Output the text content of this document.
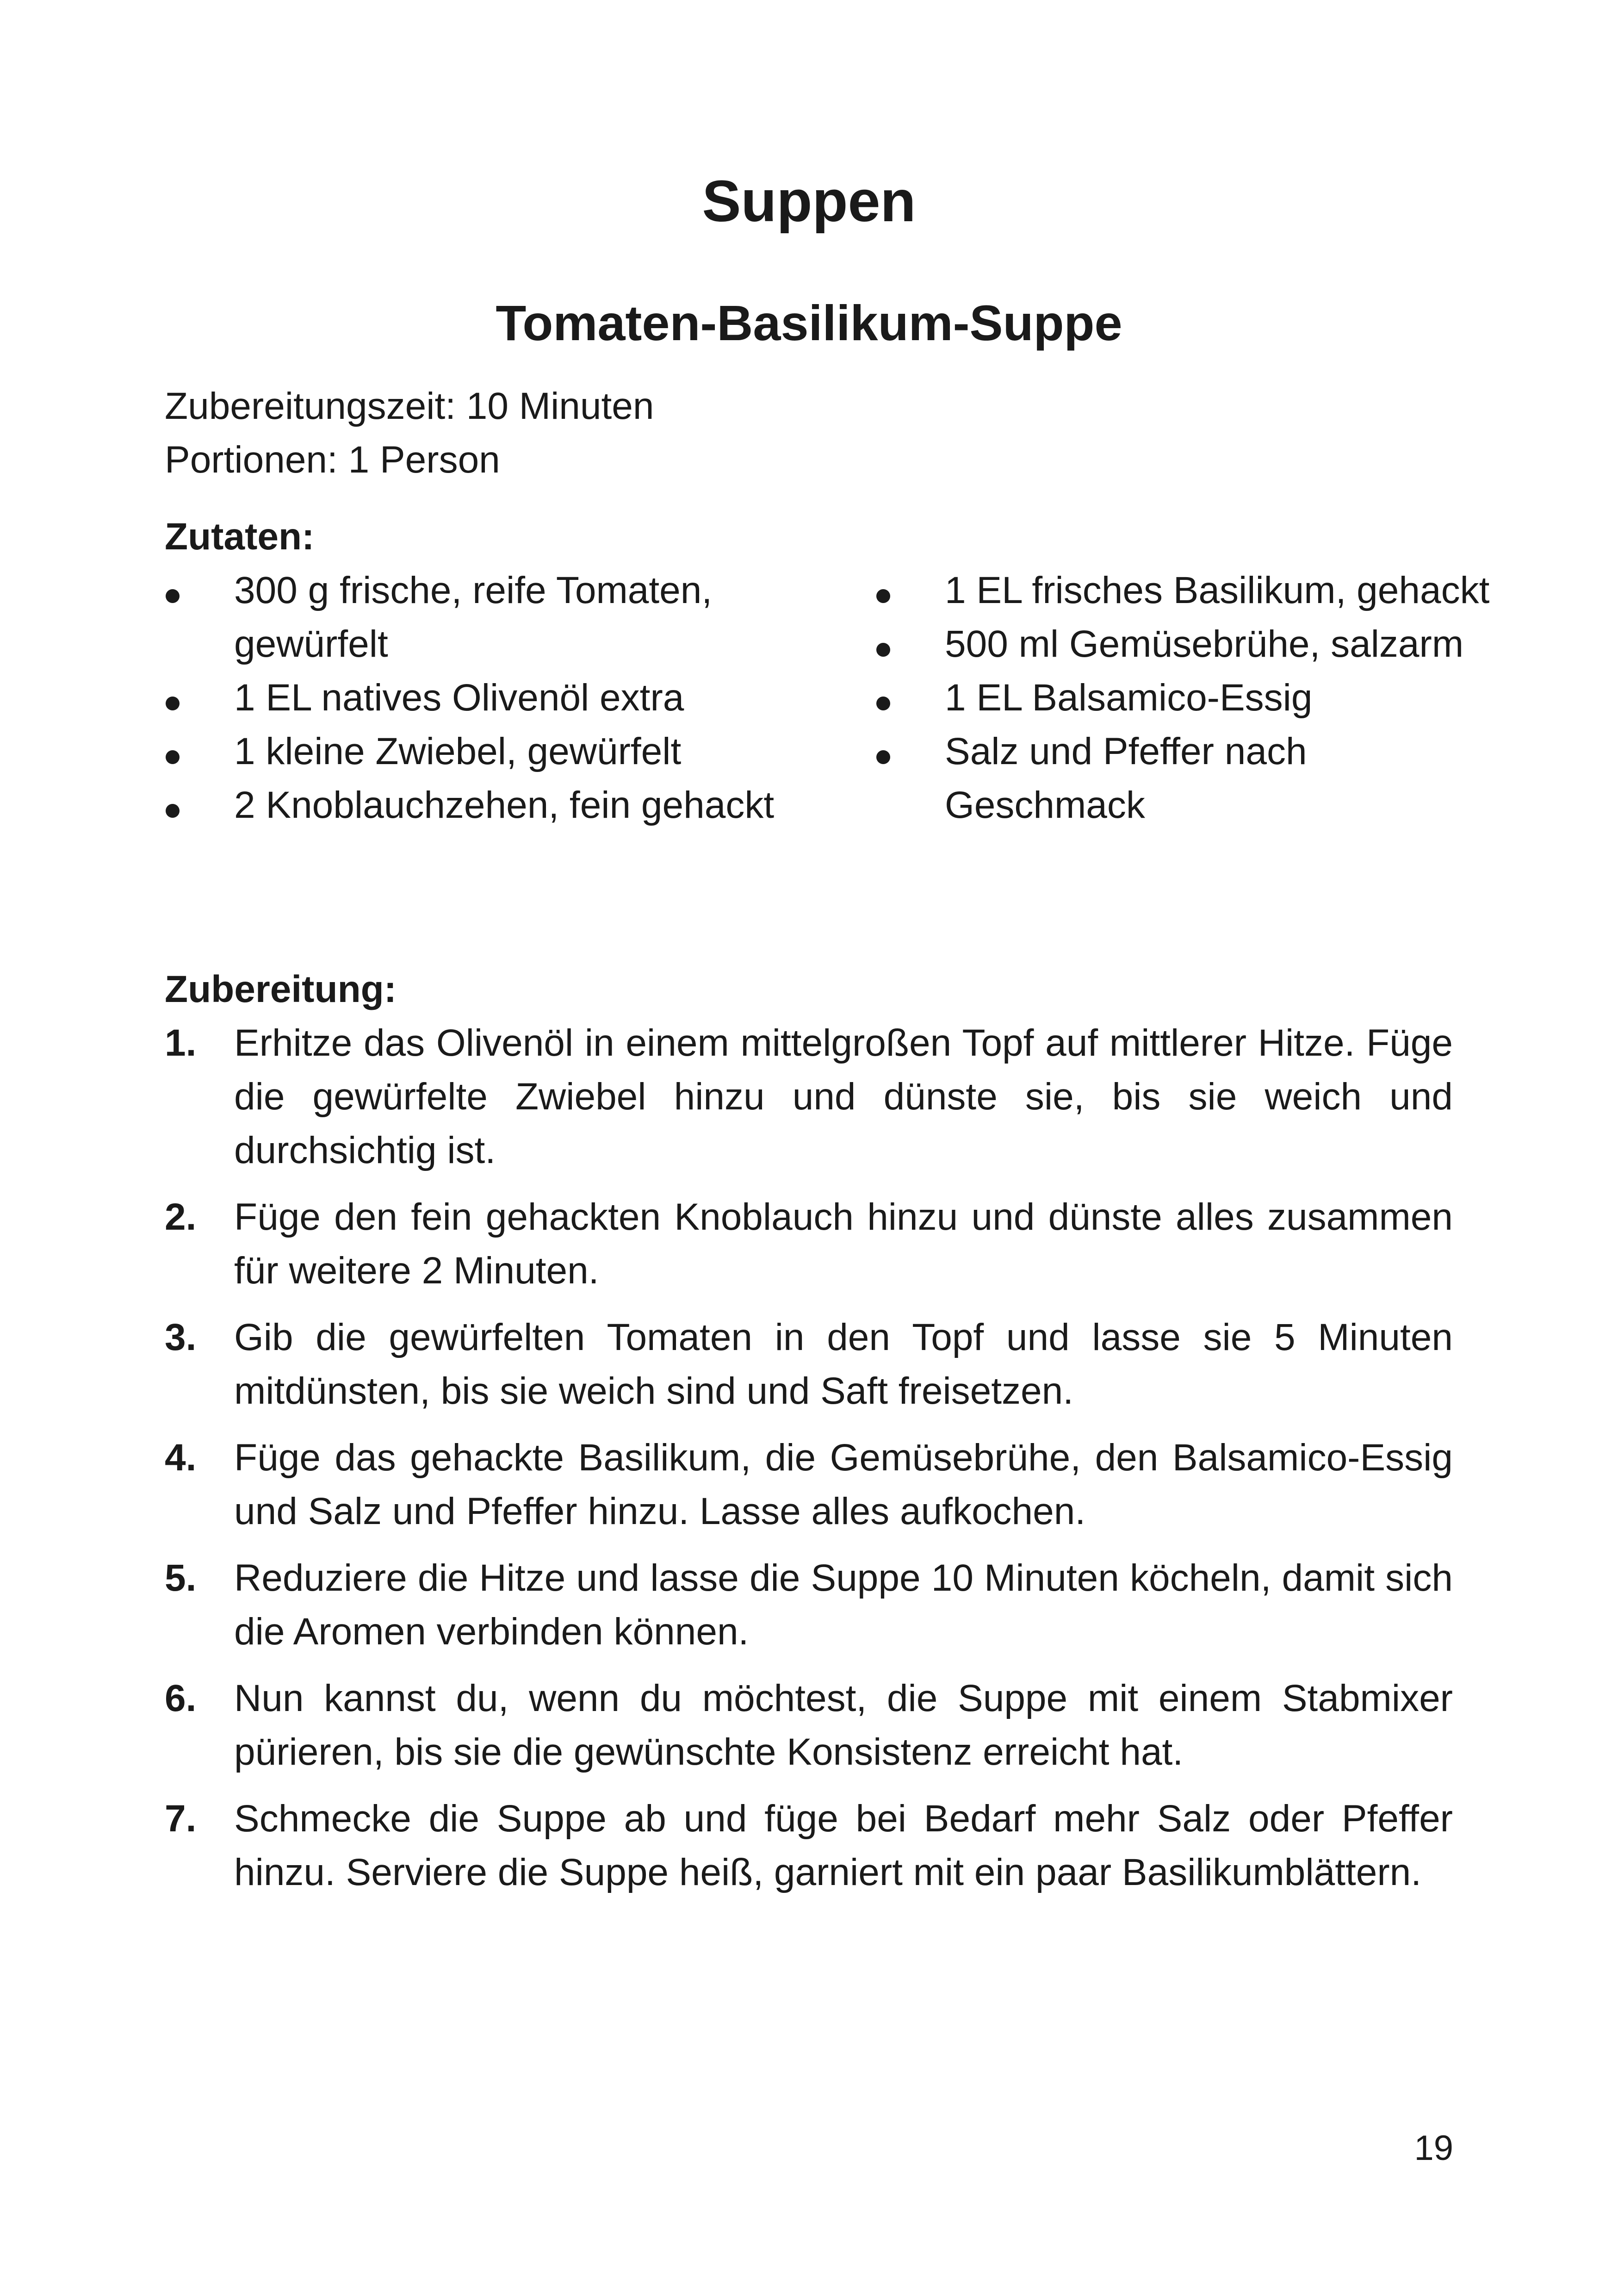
Suppen
Tomaten-Basilikum-Suppe
Zubereitungszeit: 10 Minuten
Portionen: 1 Person
Zutaten:
300 g frische, reife Tomaten, gewürfelt
1 EL natives Olivenöl extra
1 kleine Zwiebel, gewürfelt
2 Knoblauchzehen, fein gehackt
1 EL frisches Basilikum, gehackt
500 ml Gemüsebrühe, salzarm
1 EL Balsamico-Essig
Salz und Pfeffer nach Geschmack
Zubereitung:
1. Erhitze das Olivenöl in einem mittelgroßen Topf auf mittlerer Hitze. Füge die gewürfelte Zwiebel hinzu und dünste sie, bis sie weich und durchsichtig ist.
2. Füge den fein gehackten Knoblauch hinzu und dünste alles zusammen für weitere 2 Minuten.
3. Gib die gewürfelten Tomaten in den Topf und lasse sie 5 Minuten mitdünsten, bis sie weich sind und Saft freisetzen.
4. Füge das gehackte Basilikum, die Gemüsebrühe, den Balsamico-Essig und Salz und Pfeffer hinzu. Lasse alles aufkochen.
5. Reduziere die Hitze und lasse die Suppe 10 Minuten köcheln, damit sich die Aromen verbinden können.
6. Nun kannst du, wenn du möchtest, die Suppe mit einem Stabmixer pürieren, bis sie die gewünschte Konsistenz erreicht hat.
7. Schmecke die Suppe ab und füge bei Bedarf mehr Salz oder Pfeffer hinzu. Serviere die Suppe heiß, garniert mit ein paar Basilikumblättern.
19
